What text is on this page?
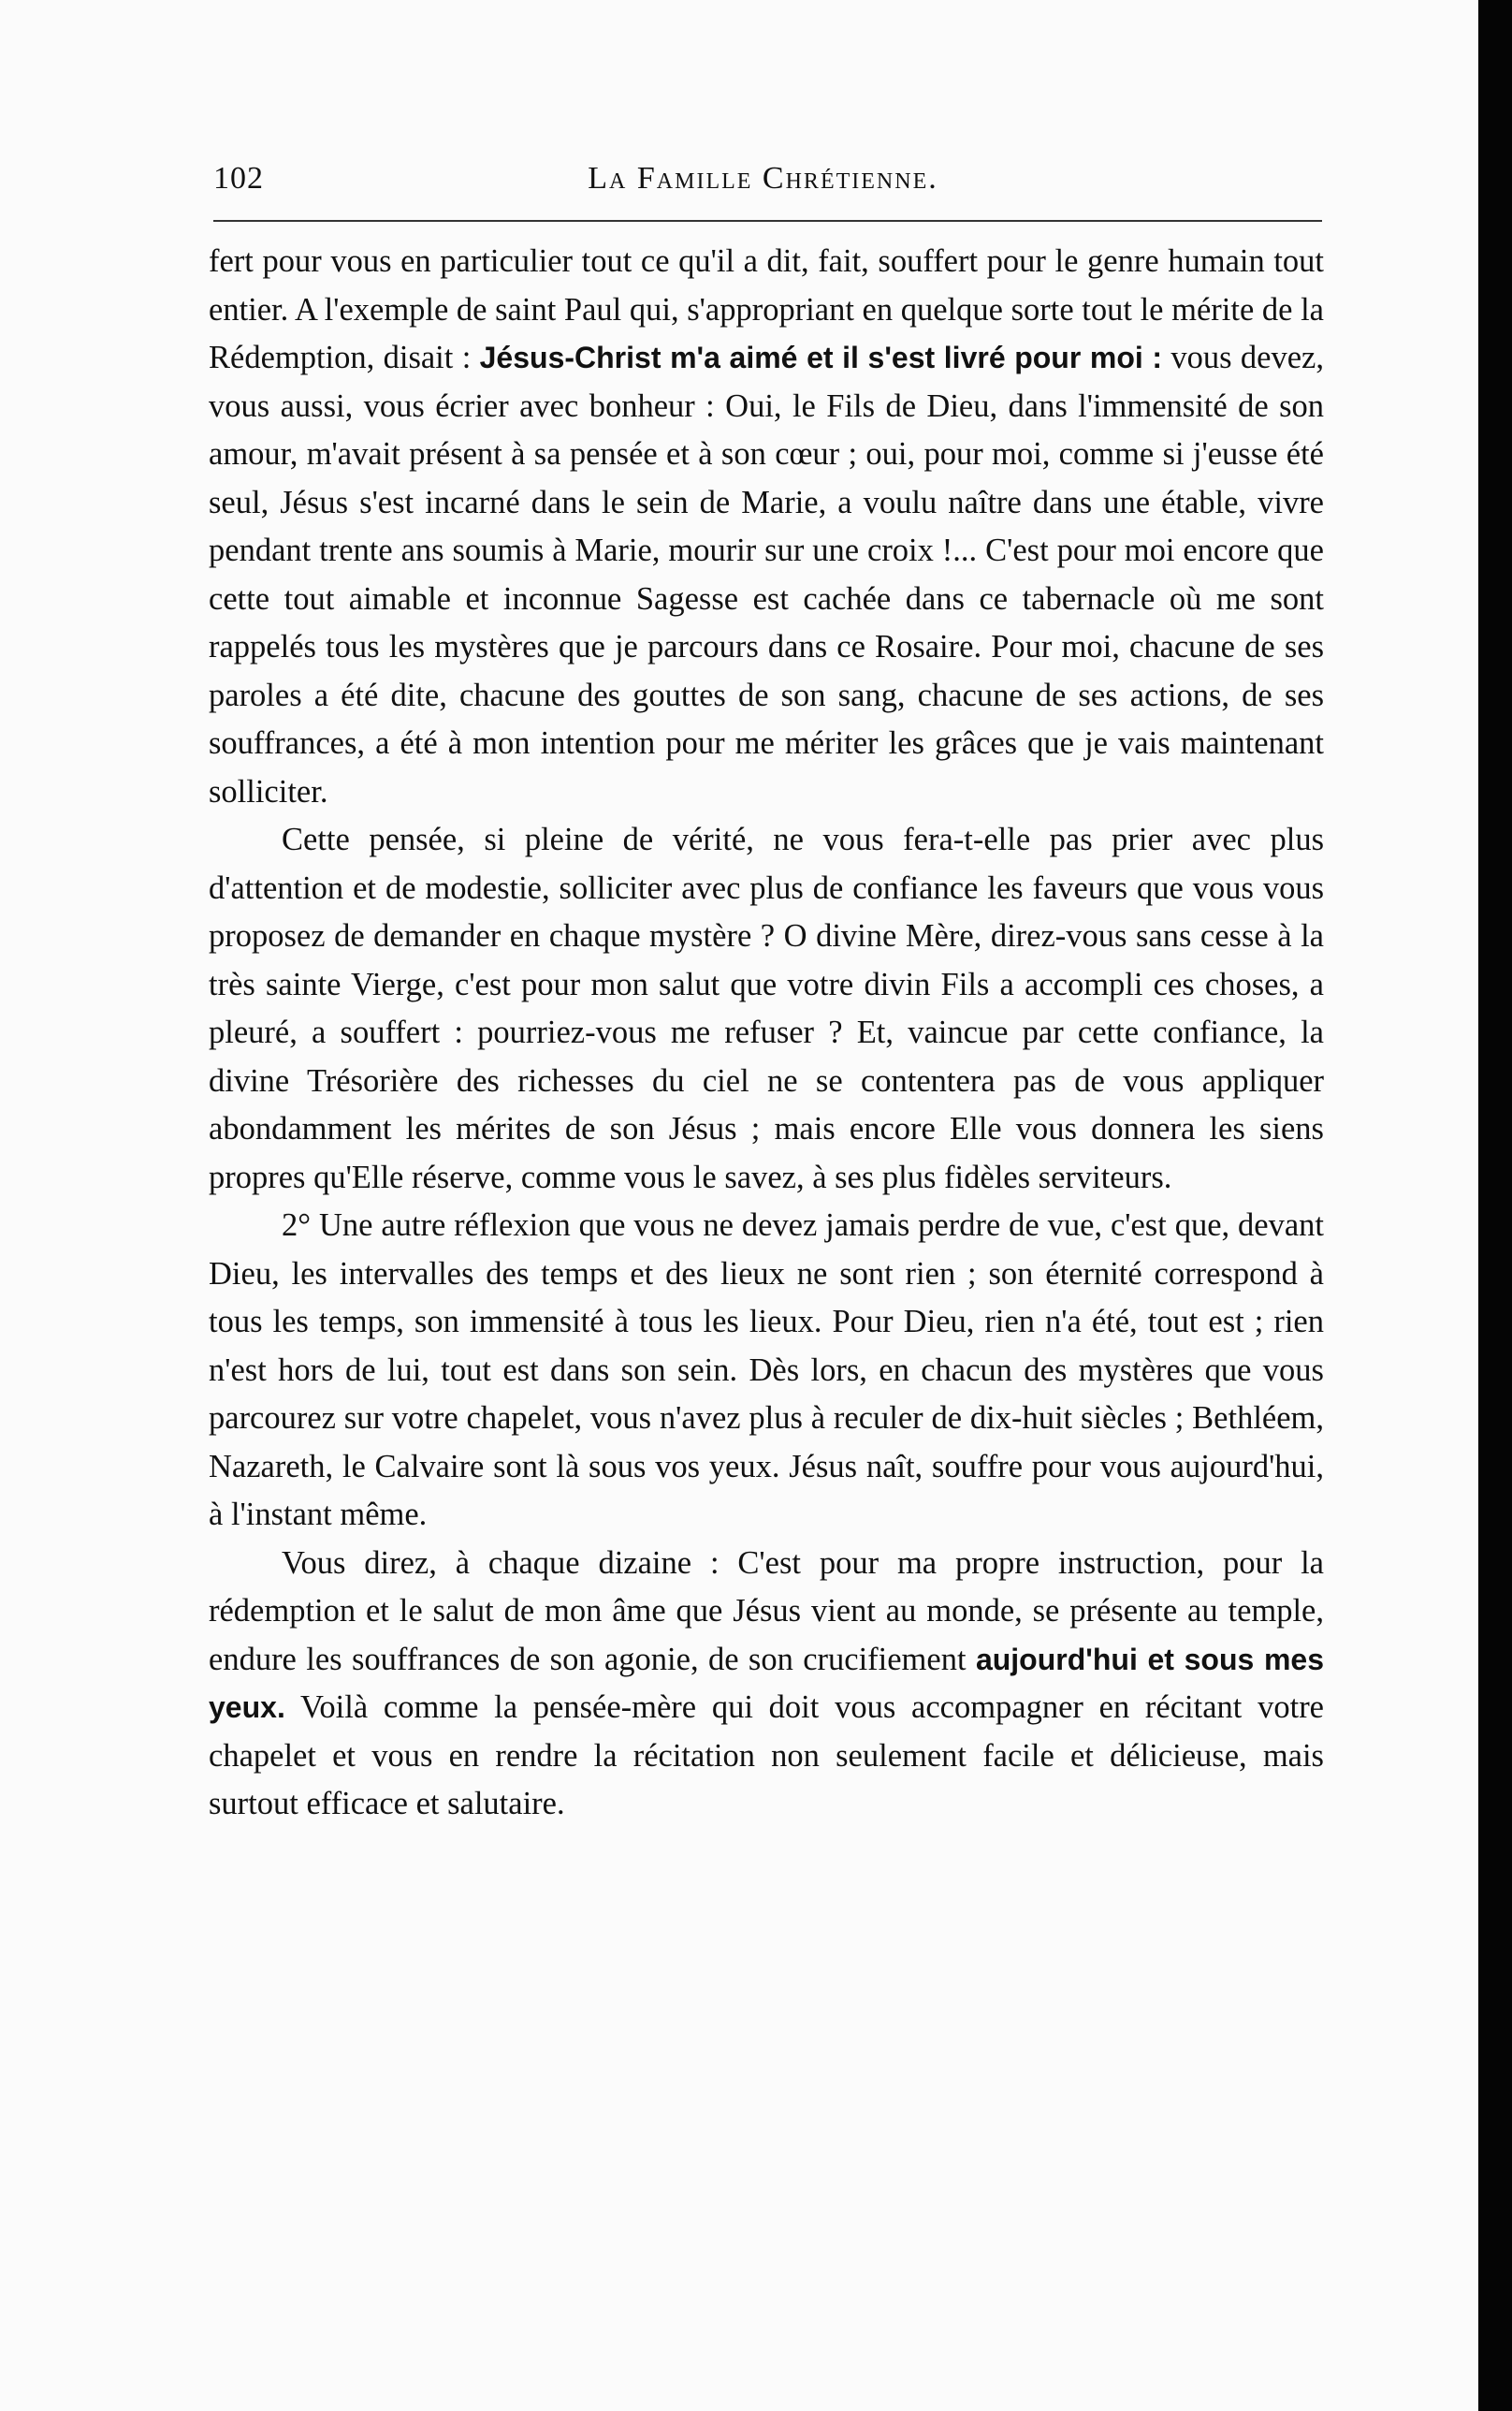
102	La Famille Chrétienne.

fert pour vous en particulier tout ce qu'il a dit, fait, souffert pour le genre humain tout entier. A l'exemple de saint Paul qui, s'appropriant en quelque sorte tout le mérite de la Rédemption, disait : Jésus-Christ m'a aimé et il s'est livré pour moi : vous devez, vous aussi, vous écrier avec bonheur : Oui, le Fils de Dieu, dans l'immensité de son amour, m'avait présent à sa pensée et à son cœur ; oui, pour moi, comme si j'eusse été seul, Jésus s'est incarné dans le sein de Marie, a voulu naître dans une étable, vivre pendant trente ans soumis à Marie, mourir sur une croix !... C'est pour moi encore que cette tout aimable et inconnue Sagesse est cachée dans ce tabernacle où me sont rappelés tous les mystères que je parcours dans ce Rosaire. Pour moi, chacune de ses paroles a été dite, chacune des gouttes de son sang, chacune de ses actions, de ses souffrances, a été à mon intention pour me mériter les grâces que je vais maintenant solliciter.

Cette pensée, si pleine de vérité, ne vous fera-t-elle pas prier avec plus d'attention et de modestie, solliciter avec plus de confiance les faveurs que vous vous proposez de demander en chaque mystère ? O divine Mère, direz-vous sans cesse à la très sainte Vierge, c'est pour mon salut que votre divin Fils a accompli ces choses, a pleuré, a souffert : pourriez-vous me refuser ? Et, vaincue par cette confiance, la divine Trésorière des richesses du ciel ne se contentera pas de vous appliquer abondamment les mérites de son Jésus ; mais encore Elle vous donnera les siens propres qu'Elle réserve, comme vous le savez, à ses plus fidèles serviteurs.

2° Une autre réflexion que vous ne devez jamais perdre de vue, c'est que, devant Dieu, les intervalles des temps et des lieux ne sont rien ; son éternité correspond à tous les temps, son immensité à tous les lieux. Pour Dieu, rien n'a été, tout est ; rien n'est hors de lui, tout est dans son sein. Dès lors, en chacun des mystères que vous parcourez sur votre chapelet, vous n'avez plus à reculer de dix-huit siècles ; Bethléem, Nazareth, le Calvaire sont là sous vos yeux. Jésus naît, souffre pour vous aujourd'hui, à l'instant même.

Vous direz, à chaque dizaine : C'est pour ma propre instruction, pour la rédemption et le salut de mon âme que Jésus vient au monde, se présente au temple, endure les souffrances de son agonie, de son crucifiement aujourd'hui et sous mes yeux. Voilà comme la pensée-mère qui doit vous accompagner en récitant votre chapelet et vous en rendre la récitation non seulement facile et délicieuse, mais surtout efficace et salutaire.
